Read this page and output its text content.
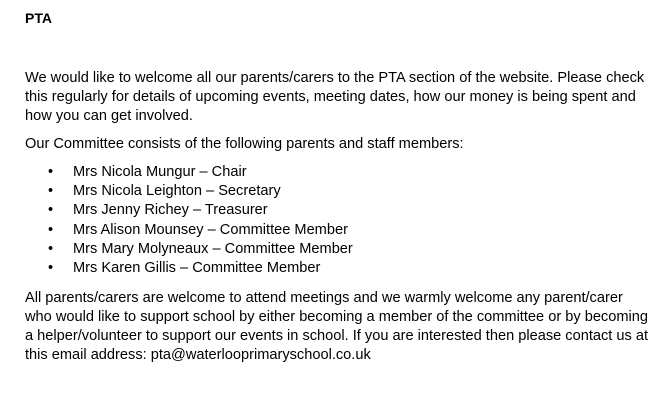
PTA

We would like to welcome all our parents/carers to the PTA section of the website. Please check this regularly for details of upcoming events, meeting dates, how our money is being spent and how you can get involved.

Our Committee consists of the following parents and staff members:

• Mrs Nicola Mungur – Chair
• Mrs Nicola Leighton – Secretary
• Mrs Jenny Richey – Treasurer
• Mrs Alison Mounsey – Committee Member
• Mrs Mary Molyneaux – Committee Member
• Mrs Karen Gillis – Committee Member

All parents/carers are welcome to attend meetings and we warmly welcome any parent/carer who would like to support school by either becoming a member of the committee or by becoming a helper/volunteer to support our events in school. If you are interested then please contact us at this email address: pta@waterlooprimaryschool.co.uk
